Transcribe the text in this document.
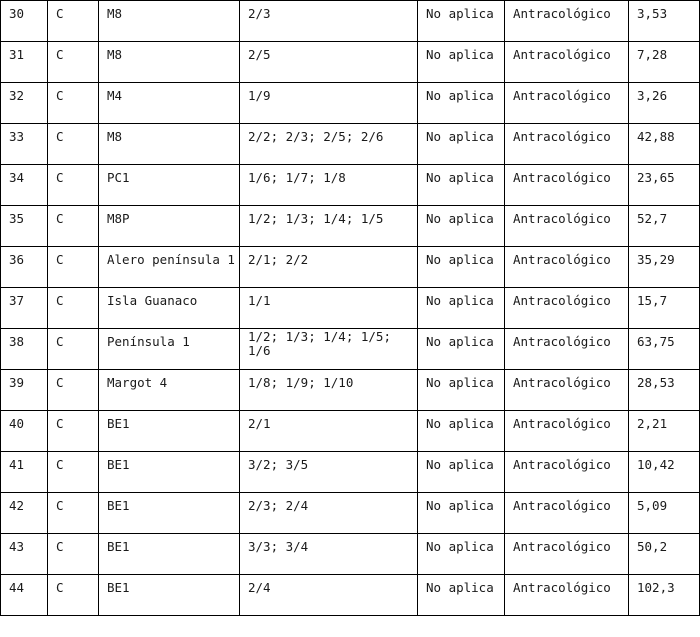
30	C	M8	2/3	No aplica	Antracológico	3,53

31	C	M8	2/5	No aplica	Antracológico	7,28

32	C	M4	1/9	No aplica	Antracológico	3,26

33	C	M8	2/2; 2/3; 2/5; 2/6	No aplica	Antracológico	42,88

34	C	PC1	1/6; 1/7; 1/8	No aplica	Antracológico	23,65

35	C	M8P	1/2; 1/3; 1/4; 1/5	No aplica	Antracológico	52,7

36	C	Alero península 1	2/1; 2/2	No aplica	Antracológico	35,29

37	C	Isla Guanaco	1/1	No aplica	Antracológico	15,7

38	C	Península 1	1/2; 1/3; 1/4; 1/5; 1/6	No aplica	Antracológico	63,75

39	C	Margot 4	1/8; 1/9; 1/10	No aplica	Antracológico	28,53

40	C	BE1	2/1	No aplica	Antracológico	2,21

41	C	BE1	3/2; 3/5	No aplica	Antracológico	10,42

42	C	BE1	2/3; 2/4	No aplica	Antracológico	5,09

43	C	BE1	3/3; 3/4	No aplica	Antracológico	50,2

44	C	BE1	2/4	No aplica	Antracológico	102,3
